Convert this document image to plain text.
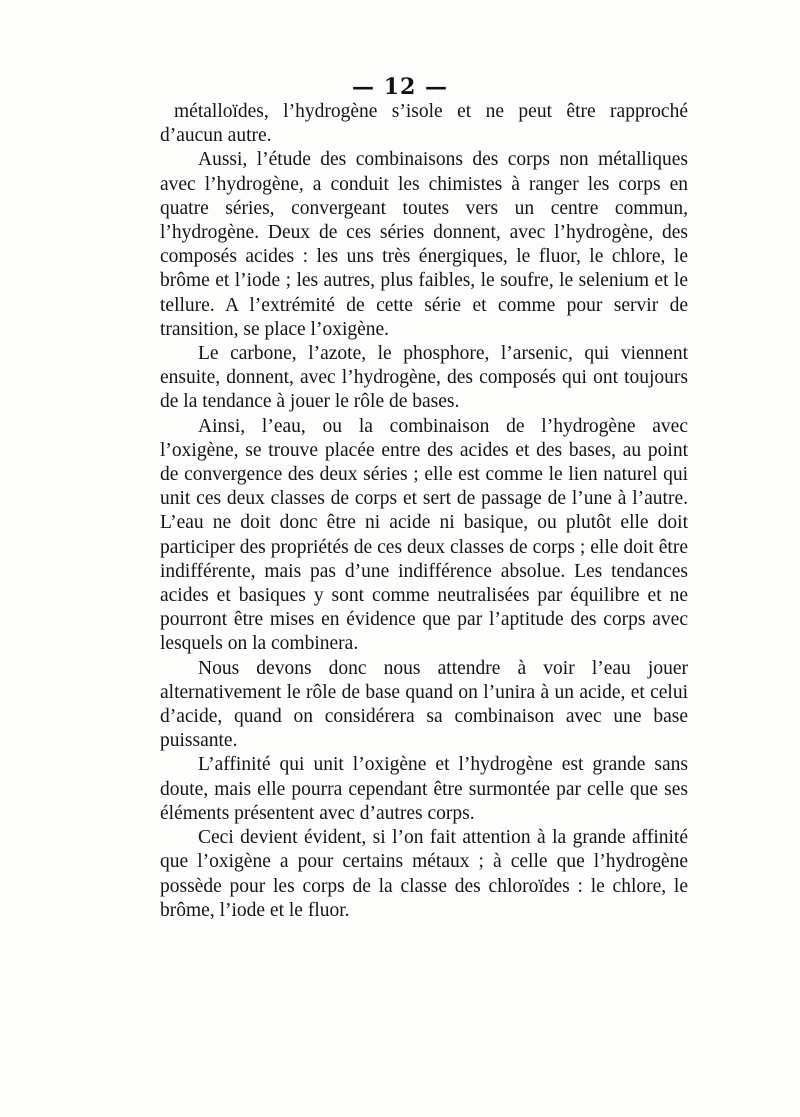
— 12 —

métalloïdes, l’hydrogène s’isole et ne peut être rapproché d’aucun autre.

Aussi, l’étude des combinaisons des corps non métalliques avec l’hydrogène, a conduit les chimistes à ranger les corps en quatre séries, convergeant toutes vers un centre commun, l’hydrogène. Deux de ces séries donnent, avec l’hydrogène, des composés acides : les uns très énergiques, le fluor, le chlore, le brôme et l’iode ; les autres, plus faibles, le soufre, le selenium et le tellure. A l’extrémité de cette série et comme pour servir de transition, se place l’oxigène.

Le carbone, l’azote, le phosphore, l’arsenic, qui viennent ensuite, donnent, avec l’hydrogène, des composés qui ont toujours de la tendance à jouer le rôle de bases.

Ainsi, l’eau, ou la combinaison de l’hydrogène avec l’oxigène, se trouve placée entre des acides et des bases, au point de convergence des deux séries ; elle est comme le lien naturel qui unit ces deux classes de corps et sert de passage de l’une à l’autre. L’eau ne doit donc être ni acide ni basique, ou plutôt elle doit participer des propriétés de ces deux classes de corps ; elle doit être indifférente, mais pas d’une indifférence absolue. Les tendances acides et basiques y sont comme neutralisées par équilibre et ne pourront être mises en évidence que par l’aptitude des corps avec lesquels on la combinera.

Nous devons donc nous attendre à voir l’eau jouer alternativement le rôle de base quand on l’unira à un acide, et celui d’acide, quand on considérera sa combinaison avec une base puissante.

L’affinité qui unit l’oxigène et l’hydrogène est grande sans doute, mais elle pourra cependant être surmontée par celle que ses éléments présentent avec d’autres corps.

Ceci devient évident, si l’on fait attention à la grande affinité que l’oxigène a pour certains métaux ; à celle que l’hydrogène possède pour les corps de la classe des chloroïdes : le chlore, le brôme, l’iode et le fluor.
